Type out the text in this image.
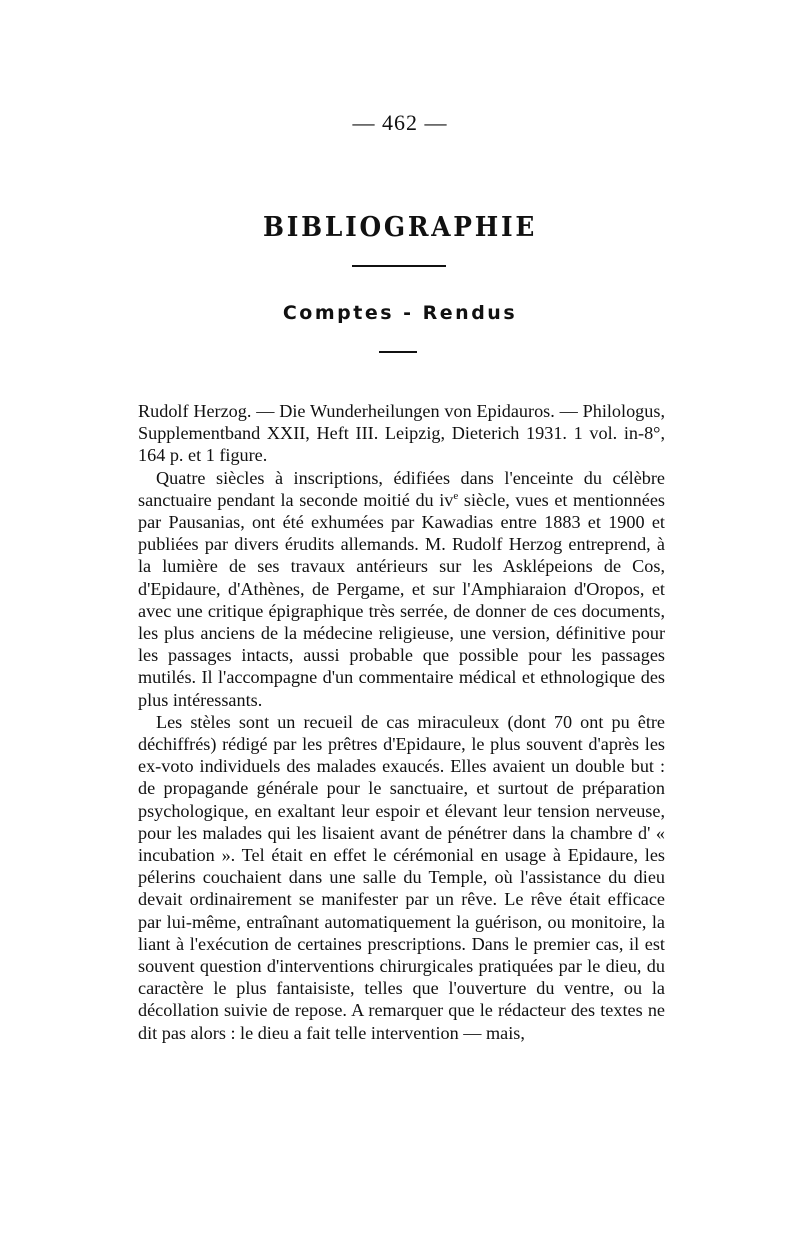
— 462 —
BIBLIOGRAPHIE
Comptes - Rendus

Rudolf Herzog. — Die Wunderheilungen von Epidauros. — Philologus, Supplementband XXII, Heft III. Leipzig, Dieterich 1931. 1 vol. in-8°, 164 p. et 1 figure.

Quatre siècles à inscriptions, édifiées dans l'enceinte du célèbre sanctuaire pendant la seconde moitié du $iv^e$ siècle, vues et mentionnées par Pausanias, ont été exhumées par Kawadias entre 1883 et 1900 et publiées par divers érudits allemands. M. Rudolf Herzog entreprend, à la lumière de ses travaux antérieurs sur les Asklépeions de Cos, d'Epidaure, d'Athènes, de Pergame, et sur l'Amphiaraion d'Oropos, et avec une critique épigraphique très serrée, de donner de ces documents, les plus anciens de la médecine religieuse, une version, définitive pour les passages intacts, aussi probable que possible pour les passages mutilés. Il l'accompagne d'un commentaire médical et ethnologique des plus intéressants.

Les stèles sont un recueil de cas miraculeux (dont 70 ont pu être déchiffrés) rédigé par les prêtres d'Epidaure, le plus souvent d'après les ex-voto individuels des malades exaucés. Elles avaient un double but : de propagande générale pour le sanctuaire, et surtout de préparation psychologique, en exaltant leur espoir et élevant leur tension nerveuse, pour les malades qui les lisaient avant de pénétrer dans la chambre d' « incubation ». Tel était en effet le cérémonial en usage à Epidaure, les pélerins couchaient dans une salle du Temple, où l'assistance du dieu devait ordinairement se manifester par un rêve. Le rêve était efficace par lui-même, entraînant automatiquement la guérison, ou monitoire, la liant à l'exécution de certaines prescriptions. Dans le premier cas, il est souvent question d'interventions chirurgicales pratiquées par le dieu, du caractère le plus fantaisiste, telles que l'ouverture du ventre, ou la décollation suivie de repose. A remarquer que le rédacteur des textes ne dit pas alors : le dieu a fait telle intervention — mais,
